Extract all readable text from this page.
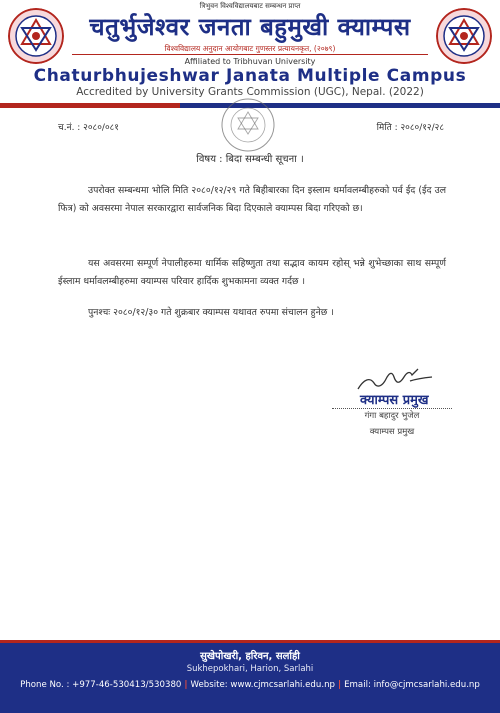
त्रिभुवन विश्वविद्यालयबाट सम्बन्धन प्राप्त
चतुर्भुजेश्वर जनता बहुमुखी क्याम्पस
विश्वविद्यालय अनुदान आयोगबाट गुणस्तर प्रत्यायनकृत, (२०७९)
Affiliated to Tribhuvan University
Chaturbhujeshwar Janata Multiple Campus
Accredited by University Grants Commission (UGC), Nepal. (2022)
च.नं. : २०८०/०८१	मिति : २०८०/१२/२८
विषय : बिदा सम्बन्धी सूचना ।

उपरोक्त सम्बन्धमा भोलि मिति २०८०/१२/२९ गते बिहीबारका दिन इस्लाम धर्मावलम्बीहरुको पर्व ईद (ईद उल फित्र) को अवसरमा नेपाल सरकारद्वारा सार्वजनिक बिदा दिएकाले क्याम्पस बिदा गरिएको छ।

यस अवसरमा सम्पूर्ण नेपालीहरुमा धार्मिक सहिष्णुता तथा सद्भाव कायम रहोस् भन्ने शुभेच्छाका साथ सम्पूर्ण ईस्लाम धर्मावलम्बीहरुमा क्याम्पस परिवार हार्दिक शुभकामना व्यक्त गर्दछ ।

पुनश्चः २०८०/१२/३० गते शुक्रबार क्याम्पस यथावत रुपमा संचालन हुनेछ ।

क्याम्पस प्रमुख
गंगा बहादुर भुजेल
क्याम्पस प्रमुख
सुखेपोखरी, हरिवन, सर्लाही
Sukhepokhari, Harion, Sarlahi
Phone No. : +977-46-530413/530380 | Website: www.cjmcsarlahi.edu.np | Email: info@cjmcsarlahi.edu.np
